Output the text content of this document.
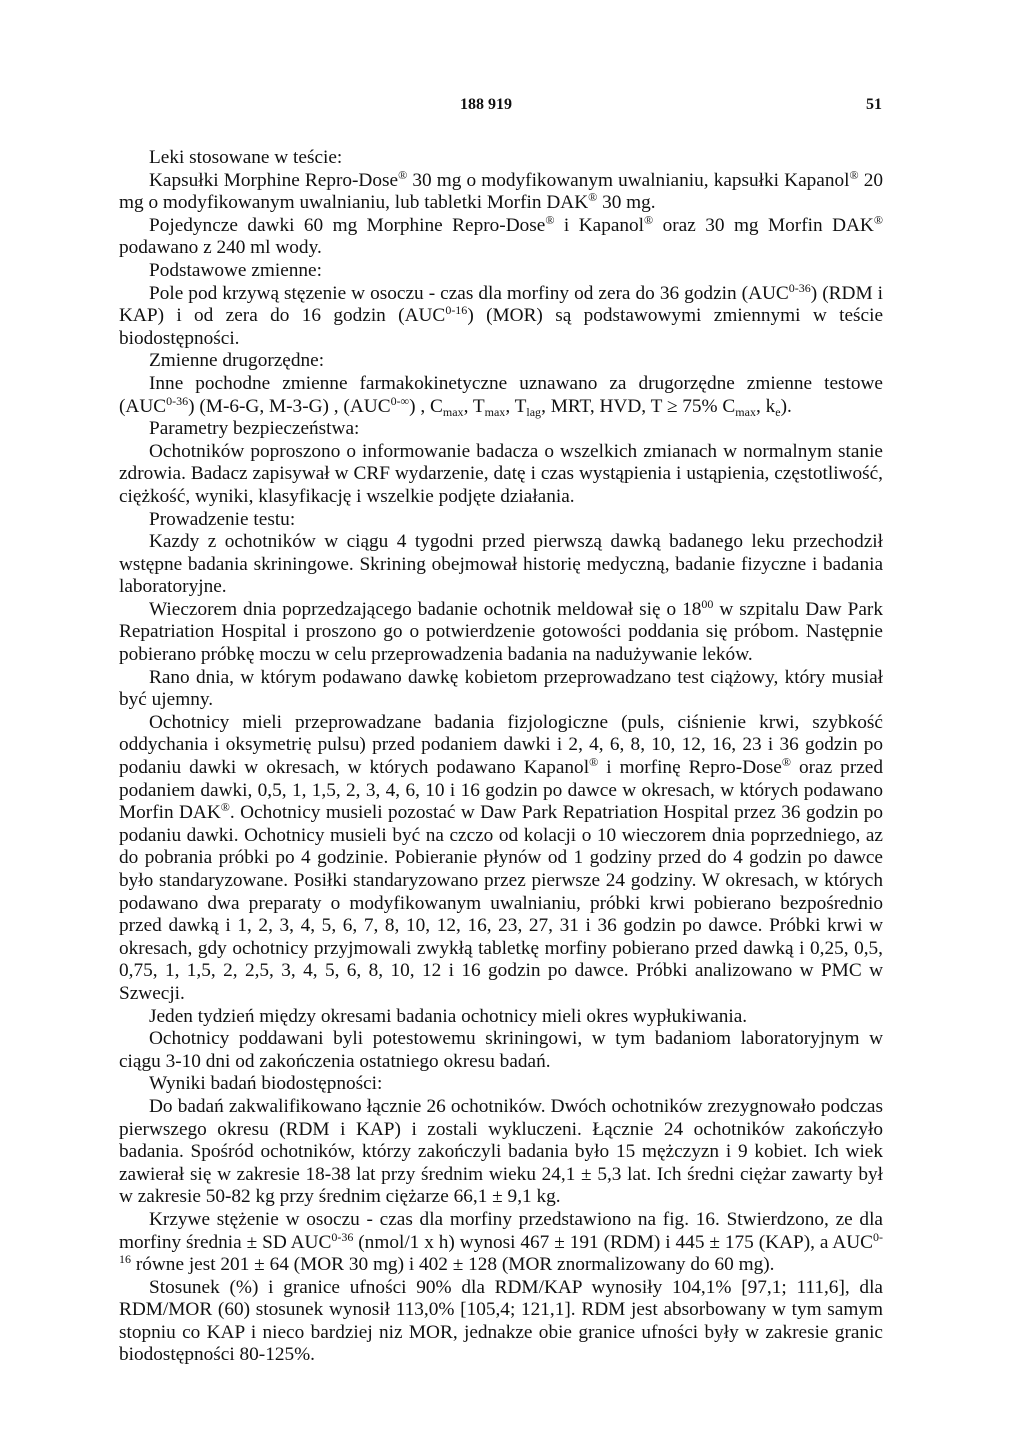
188 919	51

Leki stosowane w teście:

Kapsułki Morphine Repro-Dose® 30 mg o modyfikowanym uwalnianiu, kapsułki Kapanol® 20 mg o modyfikowanym uwalnianiu, lub tabletki Morfin DAK® 30 mg.

Pojedyncze dawki 60 mg Morphine Repro-Dose® i Kapanol® oraz 30 mg Morfin DAK® podawano z 240 ml wody.

Podstawowe zmienne:

Pole pod krzywą stęzenie w osoczu - czas dla morfiny od zera do 36 godzin (AUC$^{0-36}$) (RDM i KAP) i od zera do 16 godzin (AUC$^{0-16}$) (MOR) są podstawowymi zmiennymi w teście biodostępności.

Zmienne drugorzędne:

Inne pochodne zmienne farmakokinetyczne uznawano za drugorzędne zmienne testowe (AUC$^{0-36}$) (M-6-G, M-3-G) , $(AUC^{0-\infty})$ , $C_{max}$, $T_{max}$, $T_{lag}$, MRT, HVD, T ≥ 75% $C_{max}$, $k_e$).

Parametry bezpieczeństwa:

Ochotników poproszono o informowanie badacza o wszelkich zmianach w normalnym stanie zdrowia. Badacz zapisywał w CRF wydarzenie, datę i czas wystąpienia i ustąpienia, częstotliwość, ciężkość, wyniki, klasyfikację i wszelkie podjęte działania.

Prowadzenie testu:

Kazdy z ochotników w ciągu 4 tygodni przed pierwszą dawką badanego leku przechodził wstępne badania skriningowe. Skrining obejmował historię medyczną, badanie fizyczne i badania laboratoryjne.

Wieczorem dnia poprzedzającego badanie ochotnik meldował się o $18^{00}$ w szpitalu Daw Park Repatriation Hospital i proszono go o potwierdzenie gotowości poddania się próbom. Następnie pobierano próbkę moczu w celu przeprowadzenia badania na nadużywanie leków.

Rano dnia, w którym podawano dawkę kobietom przeprowadzano test ciążowy, który musiał być ujemny.

Ochotnicy mieli przeprowadzane badania fizjologiczne (puls, ciśnienie krwi, szybkość oddychania i oksymetrię pulsu) przed podaniem dawki i 2, 4, 6, 8, 10, 12, 16, 23 i 36 godzin po podaniu dawki w okresach, w których podawano Kapanol® i morfinę Repro-Dose® oraz przed podaniem dawki, 0,5, 1, 1,5, 2, 3, 4, 6, 10 i 16 godzin po dawce w okresach, w których podawano Morfin DAK®. Ochotnicy musieli pozostać w Daw Park Repatriation Hospital przez 36 godzin po podaniu dawki. Ochotnicy musieli być na czczo od kolacji o 10 wieczorem dnia poprzedniego, az do pobrania próbki po 4 godzinie. Pobieranie płynów od 1 godziny przed do 4 godzin po dawce było standaryzowane. Posiłki standaryzowano przez pierwsze 24 godziny. W okresach, w których podawano dwa preparaty o modyfikowanym uwalnianiu, próbki krwi pobierano bezpośrednio przed dawką i 1, 2, 3, 4, 5, 6, 7, 8, 10, 12, 16, 23, 27, 31 i 36 godzin po dawce. Próbki krwi w okresach, gdy ochotnicy przyjmowali zwykłą tabletkę morfiny pobierano przed dawką i 0,25, 0,5, 0,75, 1, 1,5, 2, 2,5, 3, 4, 5, 6, 8, 10, 12 i 16 godzin po dawce. Próbki analizowano w PMC w Szwecji.

Jeden tydzień między okresami badania ochotnicy mieli okres wypłukiwania.

Ochotnicy poddawani byli potestowemu skriningowi, w tym badaniom laboratoryjnym w ciągu 3-10 dni od zakończenia ostatniego okresu badań.

Wyniki badań biodostępności:

Do badań zakwalifikowano łącznie 26 ochotników. Dwóch ochotników zrezygnowało podczas pierwszego okresu (RDM i KAP) i zostali wykluczeni. Łącznie 24 ochotników zakończyło badania. Spośród ochotników, którzy zakończyli badania było 15 mężczyzn i 9 kobiet. Ich wiek zawierał się w zakresie 18-38 lat przy średnim wieku 24,1 ± 5,3 lat. Ich średni ciężar zawarty był w zakresie 50-82 kg przy średnim ciężarze 66,1 ± 9,1 kg.

Krzywe stężenie w osoczu - czas dla morfiny przedstawiono na fig. 16. Stwierdzono, ze dla morfiny średnia ± SD AUC$^{0-36}$ (nmol/1 x h) wynosi 467 ± 191 (RDM) i 445 ± 175 (KAP), a AUC$^{0-16}$ równe jest 201 ± 64 (MOR 30 mg) i 402 ± 128 (MOR znormalizowany do 60 mg).

Stosunek (%) i granice ufności 90% dla RDM/KAP wynosiły 104,1% [97,1; 111,6], dla RDM/MOR (60) stosunek wynosił 113,0% [105,4; 121,1]. RDM jest absorbowany w tym samym stopniu co KAP i nieco bardziej niz MOR, jednakze obie granice ufności były w zakresie granic biodostępności 80-125%.
